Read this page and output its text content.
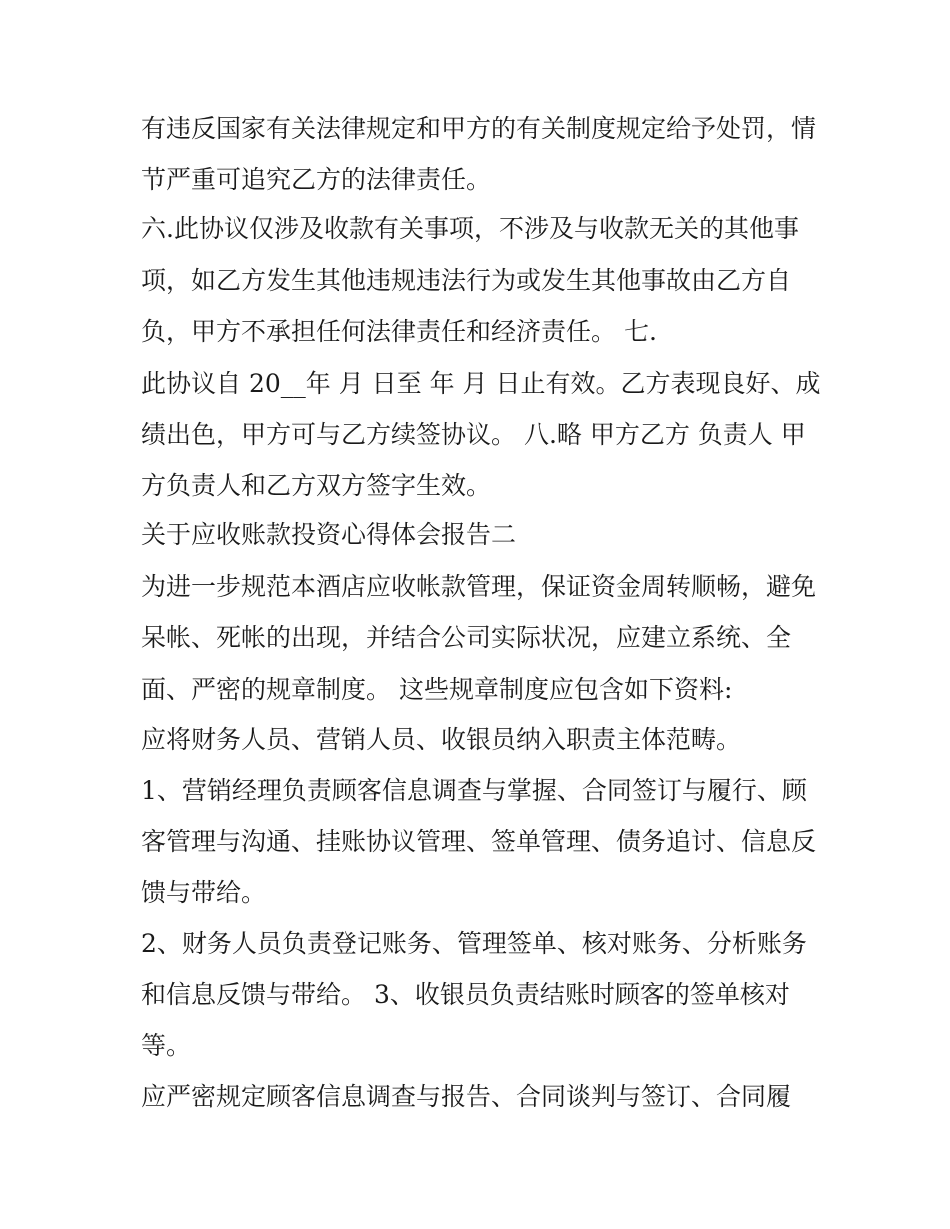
有违反国家有关法律规定和甲方的有关制度规定给予处罚，情
节严重可追究乙方的法律责任。
六.此协议仅涉及收款有关事项，不涉及与收款无关的其他事
项，如乙方发生其他违规违法行为或发生其他事故由乙方自
负，甲方不承担任何法律责任和经济责任。 七.
此协议自 20__年 月 日至 年 月 日止有效。乙方表现良好、成
绩出色，甲方可与乙方续签协议。 八.略 甲方乙方 负责人 甲
方负责人和乙方双方签字生效。
关于应收账款投资心得体会报告二
为进一步规范本酒店应收帐款管理，保证资金周转顺畅，避免
呆帐、死帐的出现，并结合公司实际状况，应建立系统、全
面、严密的规章制度。 这些规章制度应包含如下资料:
应将财务人员、营销人员、收银员纳入职责主体范畴。
1、营销经理负责顾客信息调查与掌握、合同签订与履行、顾
客管理与沟通、挂账协议管理、签单管理、债务追讨、信息反
馈与带给。
2、财务人员负责登记账务、管理签单、核对账务、分析账务
和信息反馈与带给。 3、收银员负责结账时顾客的签单核对
等。
应严密规定顾客信息调查与报告、合同谈判与签订、合同履
